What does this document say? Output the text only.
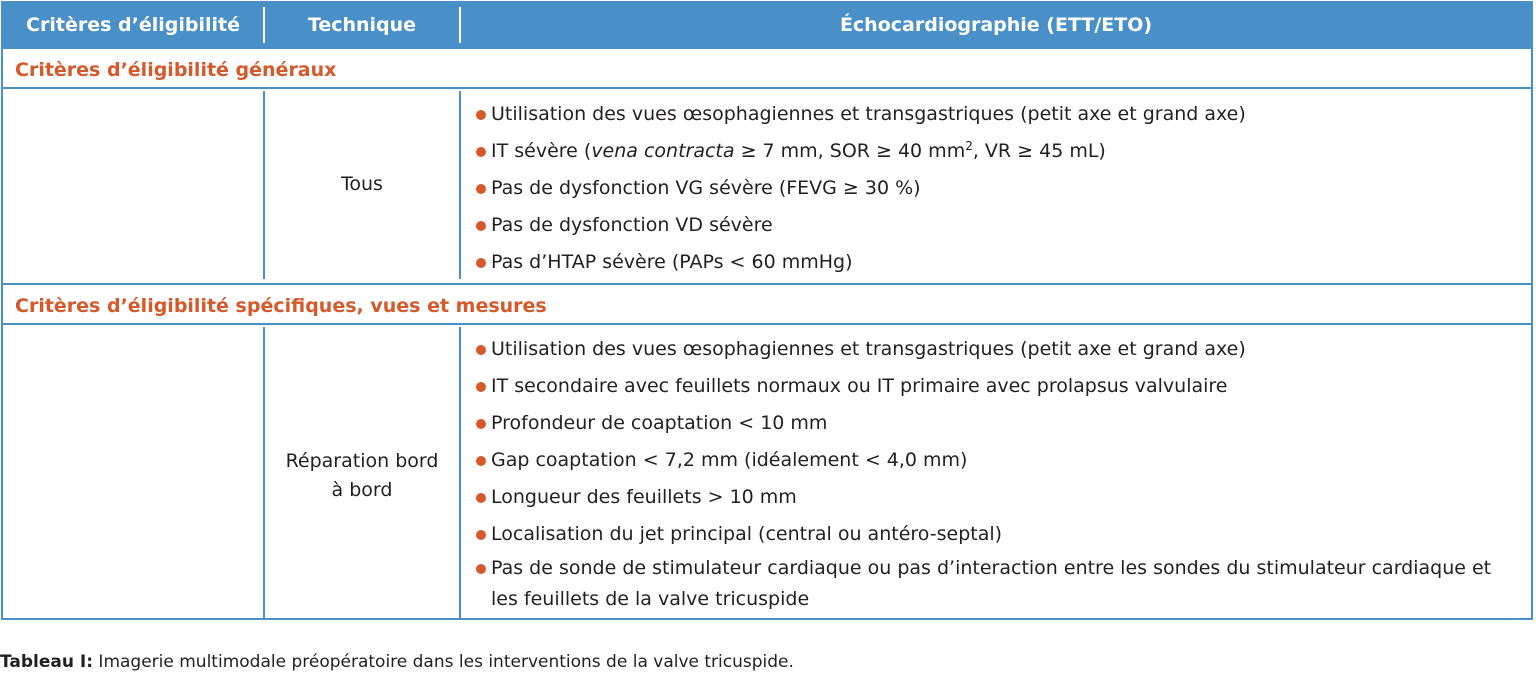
Critères d’éligibilité	Technique	Échocardiographie (ETT/ETO)
Critères d’éligibilité généraux
Tous
Utilisation des vues œsophagiennes et transgastriques (petit axe et grand axe)
IT sévère (vena contracta ≥ 7 mm, SOR ≥ 40 $mm^2$, VR ≥ 45 mL)
Pas de dysfonction VG sévère (FEVG ≥ 30 %)
Pas de dysfonction VD sévère
Pas d’HTAP sévère (PAPs < 60 mmHg)
Critères d’éligibilité spécifiques, vues et mesures
Réparation bord
à bord
Utilisation des vues œsophagiennes et transgastriques (petit axe et grand axe)
IT secondaire avec feuillets normaux ou IT primaire avec prolapsus valvulaire
Profondeur de coaptation < 10 mm
Gap coaptation < 7,2 mm (idéalement < 4,0 mm)
Longueur des feuillets > 10 mm
Localisation du jet principal (central ou antéro-septal)
Pas de sonde de stimulateur cardiaque ou pas d’interaction entre les sondes du stimulateur cardiaque et les feuillets de la valve tricuspide
Tableau I: Imagerie multimodale préopératoire dans les interventions de la valve tricuspide.
